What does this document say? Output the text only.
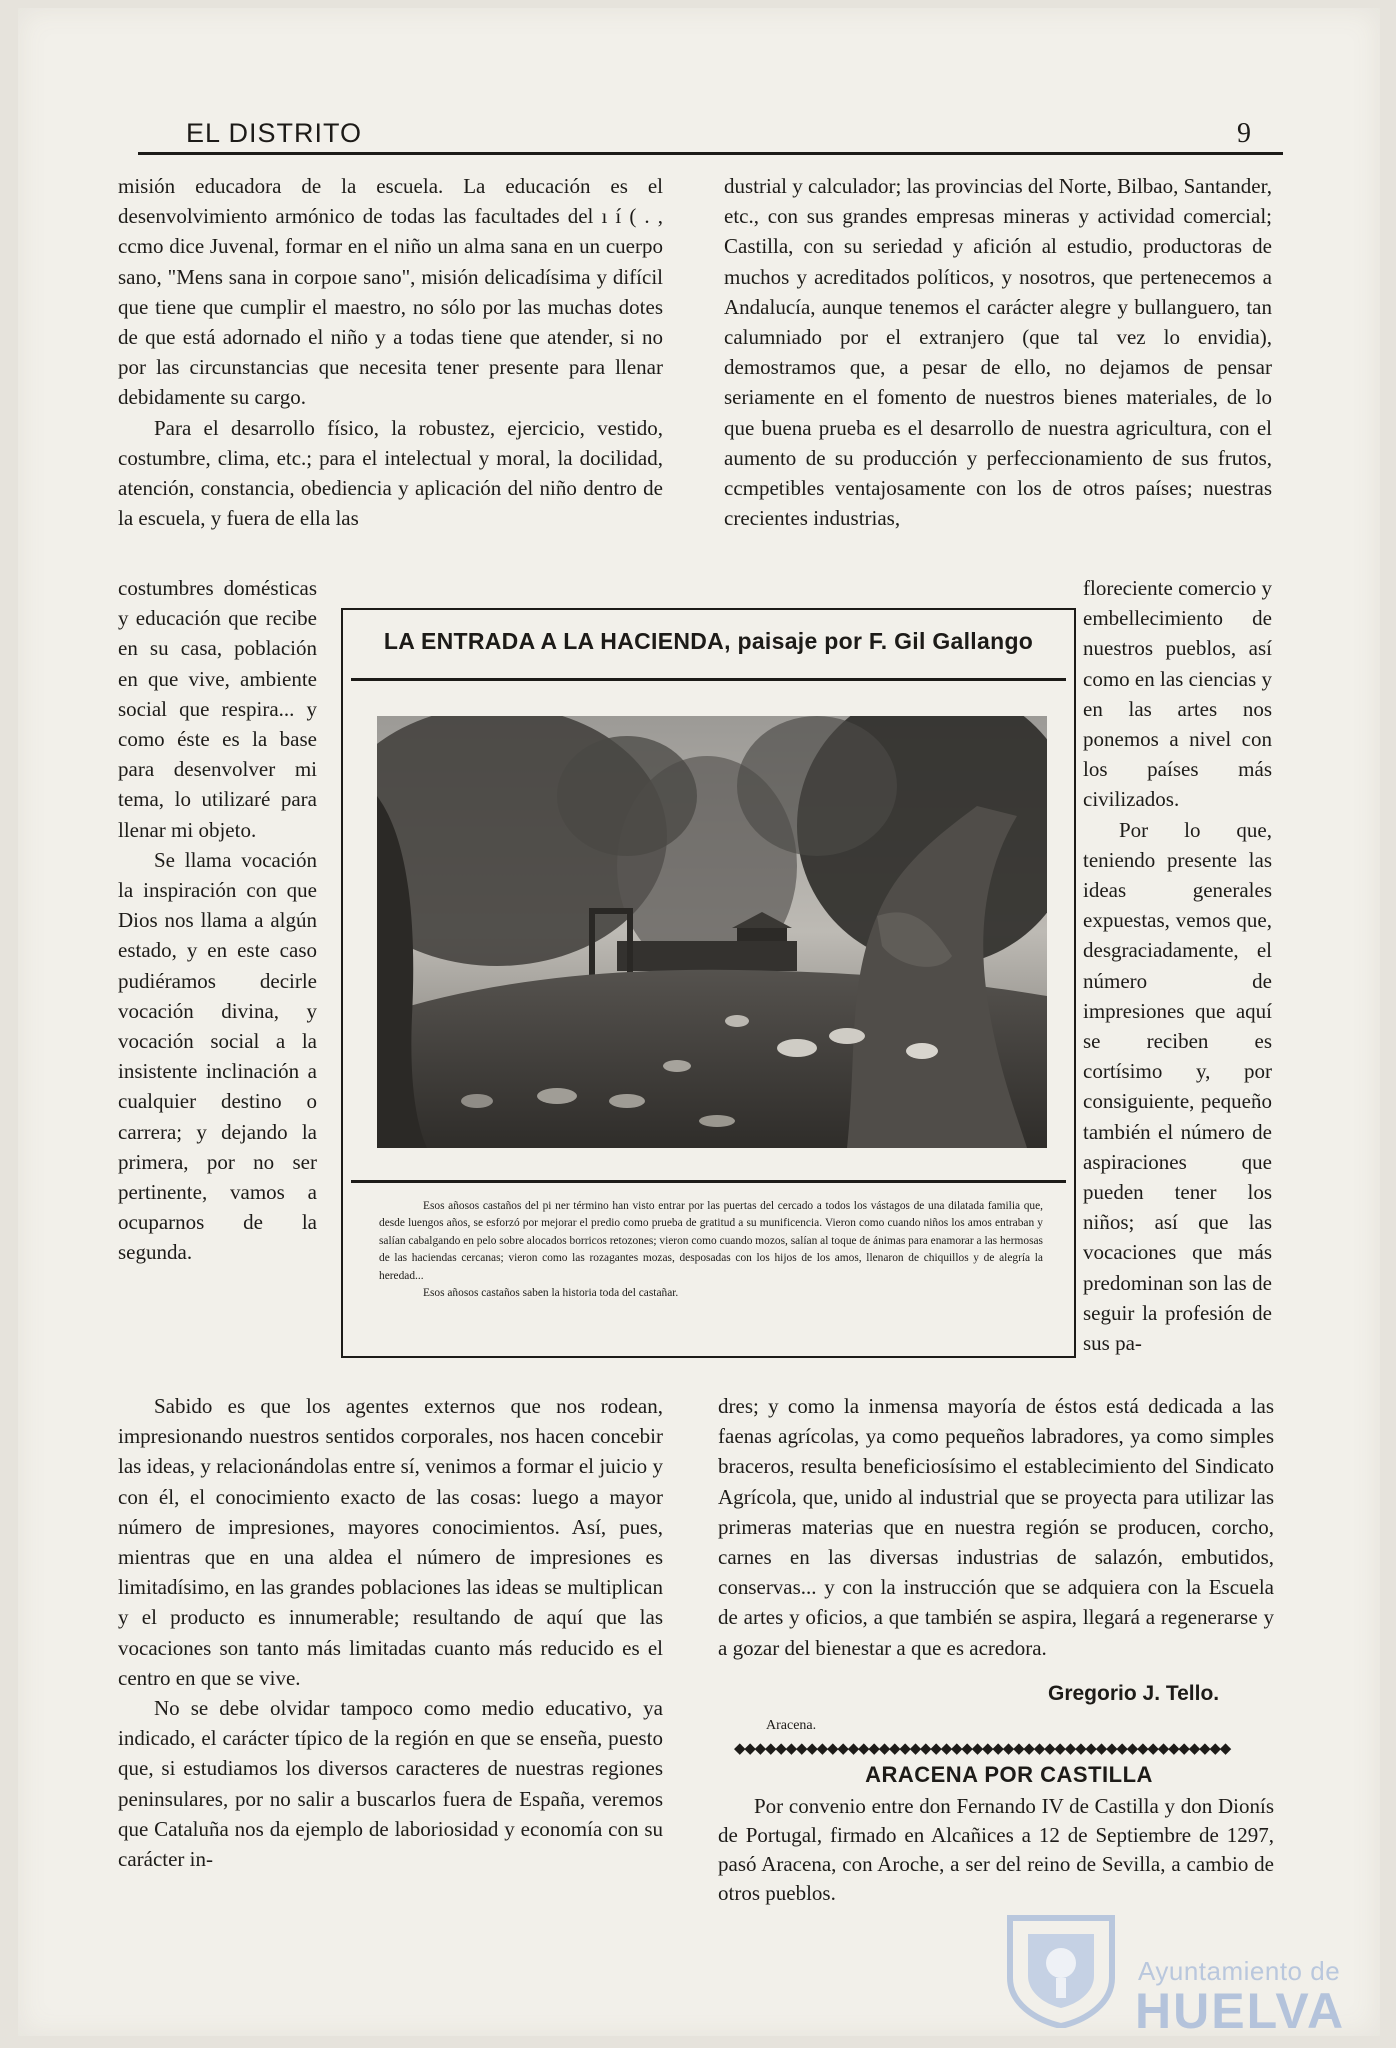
EL DISTRITO	9

misión educadora de la escuela. La educación es el desenvolvimiento armónico de todas las facultades del ı í ( . , ccmo dice Juvenal, formar en el niño un alma sana en un cuerpo sano, "Mens sana in corpoıe sano", misión delicadísima y difícil que tiene que cumplir el maestro, no sólo por las muchas dotes de que está adornado el niño y a todas tiene que atender, si no por las circunstancias que necesita tener presente para llenar debidamente su cargo.

Para el desarrollo físico, la robustez, ejercicio, vestido, costumbre, clima, etc.; para el intelectual y moral, la docilidad, atención, constancia, obediencia y aplicación del niño dentro de la escuela, y fuera de ella las

costumbres domésticas y educación que recibe en su casa, población en que vive, ambiente social que respira... y como éste es la base para desenvolver mi tema, lo utilizaré para llenar mi objeto.

Se llama vocación la inspiración con que Dios nos llama a algún estado, y en este caso pudiéramos decirle vocación divina, y vocación social a la insistente inclinación a cualquier destino o carrera; y dejando la primera, por no ser pertinente, vamos a ocuparnos de la segunda.

Sabido es que los agentes externos que nos rodean, impresionando nuestros sentidos corporales, nos hacen concebir las ideas, y relacionándolas entre sí, venimos a formar el juicio y con él, el conocimiento exacto de las cosas: luego a mayor número de impresiones, mayores conocimientos. Así, pues, mientras que en una aldea el número de impresiones es limitadísimo, en las grandes poblaciones las ideas se multiplican y el producto es innumerable; resultando de aquí que las vocaciones son tanto más limitadas cuanto más reducido es el centro en que se vive.

No se debe olvidar tampoco como medio educativo, ya indicado, el carácter típico de la región en que se enseña, puesto que, si estudiamos los diversos caracteres de nuestras regiones peninsulares, por no salir a buscarlos fuera de España, veremos que Cataluña nos da ejemplo de laboriosidad y economía con su carácter in-

dustrial y calculador; las provincias del Norte, Bilbao, Santander, etc., con sus grandes empresas mineras y actividad comercial; Castilla, con su seriedad y afición al estudio, productoras de muchos y acreditados políticos, y nosotros, que pertenecemos a Andalucía, aunque tenemos el carácter alegre y bullanguero, tan calumniado por el extranjero (que tal vez lo envidia), demostramos que, a pesar de ello, no dejamos de pensar seriamente en el fomento de nuestros bienes materiales, de lo que buena prueba es el desarrollo de nuestra agricultura, con el aumento de su producción y perfeccionamiento de sus frutos, ccmpetibles ventajosamente con los de otros países; nuestras crecientes industrias,

floreciente comercio y embellecimiento de nuestros pueblos, así como en las ciencias y en las artes nos ponemos a nivel con los países más civilizados.

Por lo que, teniendo presente las ideas generales expuestas, vemos que, desgraciadamente, el número de impresiones que aquí se reciben es cortísimo y, por consiguiente, pequeño también el número de aspiraciones que pueden tener los niños; así que las vocaciones que más predominan son las de seguir la profesión de sus pa-

dres; y como la inmensa mayoría de éstos está dedicada a las faenas agrícolas, ya como pequeños labradores, ya como simples braceros, resulta beneficiosísimo el establecimiento del Sindicato Agrícola, que, unido al industrial que se proyecta para utilizar las primeras materias que en nuestra región se producen, corcho, carnes en las diversas industrias de salazón, embutidos, conservas... y con la instrucción que se adquiera con la Escuela de artes y oficios, a que también se aspira, llegará a regenerarse y a gozar del bienestar a que es acredora.

Gregorio J. Tello.
Aracena.
◆◆◆◆◆◆◆◆◆◆◆◆◆◆◆◆◆◆◆◆◆◆◆◆◆◆◆◆◆◆◆◆◆◆◆◆◆◆◆◆◆◆◆◆◆◆◆◆
ARACENA POR CASTILLA

Por convenio entre don Fernando IV de Castilla y don Dionís de Portugal, firmado en Alcañices a 12 de Septiembre de 1297, pasó Aracena, con Aroche, a ser del reino de Sevilla, a cambio de otros pueblos.

LA ENTRADA A LA HACIENDA, paisaje por F. Gil Gallango

Esos añosos castaños del pi ner término han visto entrar por las puertas del cercado a todos los vástagos de una dilatada familia que, desde luengos años, se esforzó por mejorar el predio como prueba de gratitud a su munificencia. Vieron como cuando niños los amos entraban y salían cabalgando en pelo sobre alocados borricos retozones; vieron como cuando mozos, salían al toque de ánimas para enamorar a las hermosas de las haciendas cercanas; vieron como las rozagantes mozas, desposadas con los hijos de los amos, llenaron de chiquillos y de alegría la heredad...

Esos añosos castaños saben la historia toda del castañar.

Ayuntamiento de
HUELVA
